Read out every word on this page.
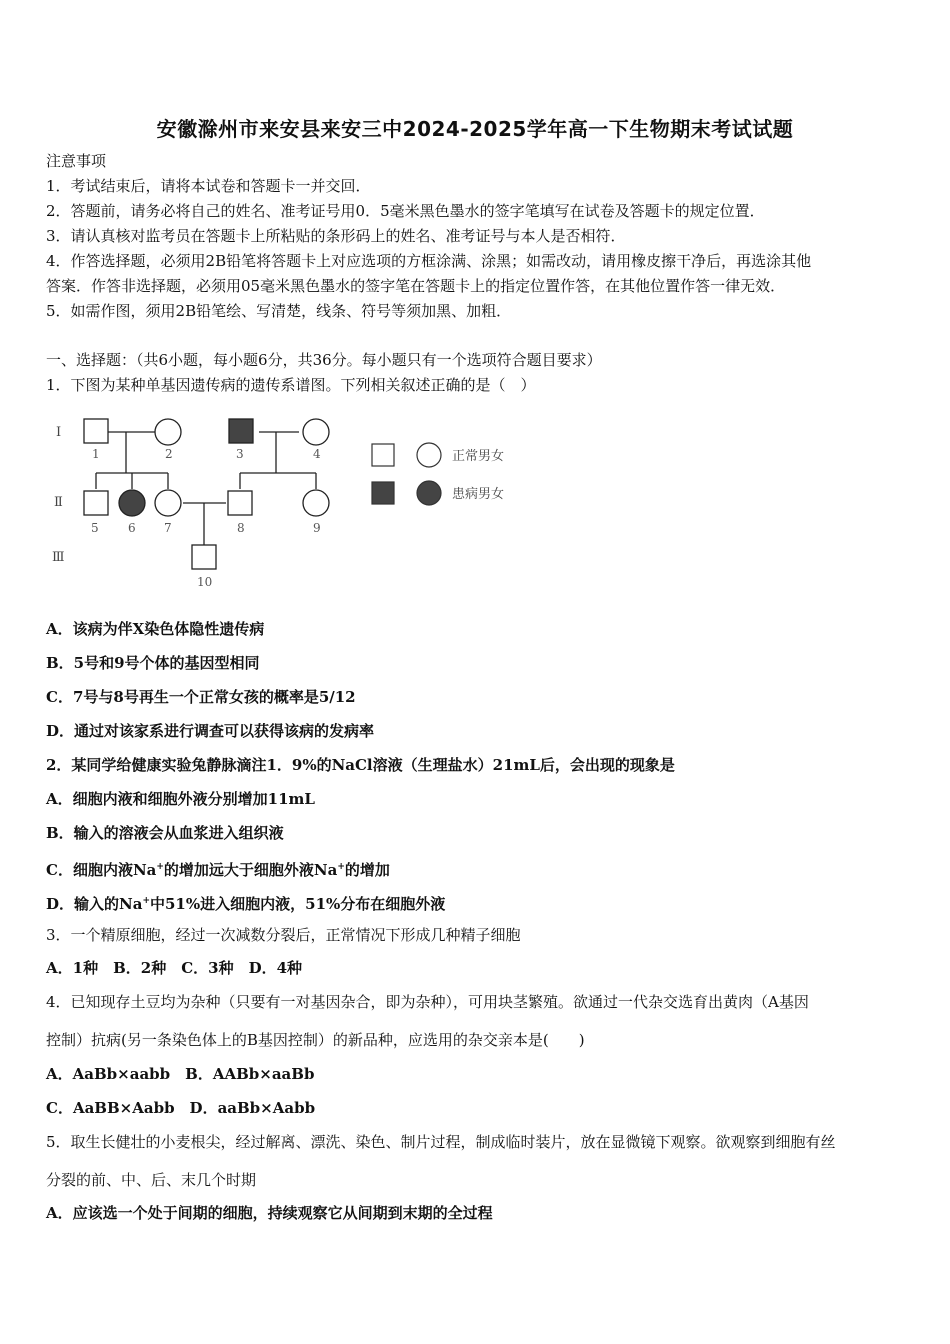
安徽滁州市来安县来安三中2024-2025学年高一下生物期末考试试题
注意事项
1．考试结束后，请将本试卷和答题卡一并交回．
2．答题前，请务必将自己的姓名、准考证号用0．5毫米黑色墨水的签字笔填写在试卷及答题卡的规定位置．
3．请认真核对监考员在答题卡上所粘贴的条形码上的姓名、准考证号与本人是否相符．
4．作答选择题，必须用2B铅笔将答题卡上对应选项的方框涂满、涂黑；如需改动，请用橡皮擦干净后，再选涂其他
答案．作答非选择题，必须用05毫米黑色墨水的签字笔在答题卡上的指定位置作答，在其他位置作答一律无效．
5．如需作图，须用2B铅笔绘、写清楚，线条、符号等须加黑、加粗．
一、选择题：（共6小题，每小题6分，共36分。每小题只有一个选项符合题目要求）
1．下图为某种单基因遗传病的遗传系谱图。下列相关叙述正确的是（　）
Ⅰ
Ⅱ
Ⅲ
1	2	3	4
5 6 7	8	9
10
正常男女
患病男女
A．该病为伴X染色体隐性遗传病
B．5号和9号个体的基因型相同
C．7号与8号再生一个正常女孩的概率是5/12
D．通过对该家系进行调查可以获得该病的发病率
2．某同学给健康实验兔静脉滴注1．9%的NaCl溶液（生理盐水）21mL后，会出现的现象是
A．细胞内液和细胞外液分别增加11mL
B．输入的溶液会从血浆进入组织液
C．细胞内液Na+的增加远大于细胞外液Na+的增加
D．输入的Na+中51%进入细胞内液，51%分布在细胞外液
3．一个精原细胞，经过一次减数分裂后，正常情况下形成几种精子细胞
A．1种　B．2种　C．3种　D．4种
4．已知现存土豆均为杂种（只要有一对基因杂合，即为杂种），可用块茎繁殖。欲通过一代杂交选育出黄肉（A基因
控制）抗病(另一条染色体上的B基因控制）的新品种，应选用的杂交亲本是(　　)
A．AaBb×aabb　B．AABb×aaBb
C．AaBB×Aabb　D．aaBb×Aabb
5．取生长健壮的小麦根尖，经过解离、漂洗、染色、制片过程，制成临时装片，放在显微镜下观察。欲观察到细胞有丝
分裂的前、中、后、末几个时期
A．应该选一个处于间期的细胞，持续观察它从间期到末期的全过程
